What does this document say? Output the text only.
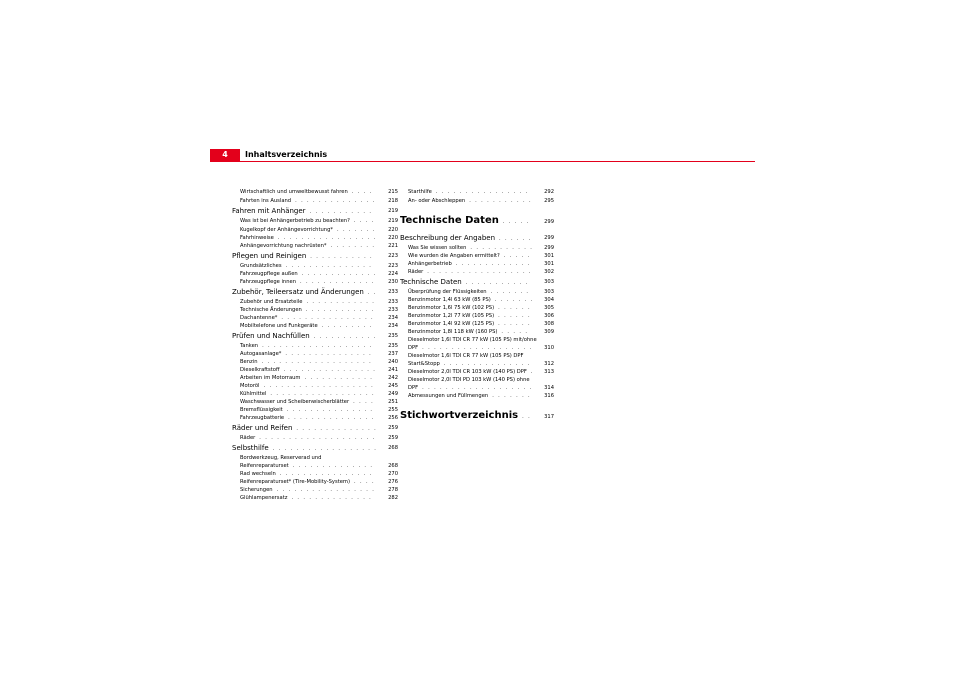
4	Inhaltsverzeichnis
Wirtschaftlich und umweltbewusst fahren . . . .	215
Fahrten ins Ausland . . . . . . . . . . . . . .	218
Fahren mit Anhänger . . . . . . . . . . .	219
Was ist bei Anhängerbetrieb zu beachten? . . . .	219
Kugelkopf der Anhängevorrichtung* . . . . . . .	220
Fahrhinweise . . . . . . . . . . . . . . . . .	220
Anhängevorrichtung nachrüsten* . . . . . . . .	221
Pflegen und Reinigen . . . . . . . . . . .	223
Grundsätzliches . . . . . . . . . . . . . . .	223
Fahrzeugpflege außen . . . . . . . . . . . . .	224
Fahrzeugpflege innen . . . . . . . . . . . . .	230
Zubehör, Teileersatz und Änderungen . .	233
Zubehör und Ersatzteile . . . . . . . . . . . .	233
Technische Änderungen . . . . . . . . . . . .	233
Dachantenne* . . . . . . . . . . . . . . . .	234
Mobiltelefone und Funkgeräte . . . . . . . . .	234
Prüfen und Nachfüllen . . . . . . . . . . .	235
Tanken . . . . . . . . . . . . . . . . . . .	235
Autogasanlage* . . . . . . . . . . . . . . .	237
Benzin . . . . . . . . . . . . . . . . . . .	240
Dieselkraftstoff . . . . . . . . . . . . . . . .	241
Arbeiten im Motorraum . . . . . . . . . . . .	242
Motoröl . . . . . . . . . . . . . . . . . . .	245
Kühlmittel . . . . . . . . . . . . . . . . . .	249
Waschwasser und Scheibenwischerblätter . . . .	251
Bremsflüssigkeit . . . . . . . . . . . . . . .	255
Fahrzeugbatterie . . . . . . . . . . . . . . .	256
Räder und Reifen . . . . . . . . . . . . . .	259
Räder . . . . . . . . . . . . . . . . . . . .	259
Selbsthilfe . . . . . . . . . . . . . . . . . .	268
Bordwerkzeug, Reserverad und
Reifenreparaturset . . . . . . . . . . . . . .	268
Rad wechseln . . . . . . . . . . . . . . . .	270
Reifenreparaturset* (Tire-Mobility-System) . . . .	276
Sicherungen . . . . . . . . . . . . . . . . .	278
Glühlampenersatz . . . . . . . . . . . . . .	282
Starthilfe . . . . . . . . . . . . . . . .	292
An- oder Abschleppen . . . . . . . . . . .	295
Technische Daten . . . . .	299
Beschreibung der Angaben . . . . . .	299
Was Sie wissen sollten . . . . . . . . . . .	299
Wie wurden die Angaben ermittelt? . . . . .	301
Anhängerbetrieb . . . . . . . . . . . . .	301
Räder . . . . . . . . . . . . . . . . . .	302
Technische Daten . . . . . . . . . . .	303
Überprüfung der Flüssigkeiten . . . . . . .	303
Benzinmotor 1,4l 63 kW (85 PS) . . . . . . .	304
Benzinmotor 1,6l 75 kW (102 PS) . . . . . .	305
Benzinmotor 1,2l 77 kW (105 PS) . . . . . .	306
Benzinmotor 1,4l 92 kW (125 PS) . . . . . .	308
Benzinmotor 1,8l 118 kW (160 PS) . . . . .	309
Dieselmotor 1,6l TDI CR 77 kW (105 PS) mit/ohne
DPF . . . . . . . . . . . . . . . . . . .	310
Dieselmotor 1,6l TDI CR 77 kW (105 PS) DPF
Start&Stopp . . . . . . . . . . . . . . .	312
Dieselmotor 2,0l TDI CR 103 kW (140 PS) DPF .	313
Dieselmotor 2,0l TDI PD 103 kW (140 PS) ohne
DPF . . . . . . . . . . . . . . . . . . .	314
Abmessungen und Füllmengen . . . . . . .	316
Stichwortverzeichnis . .	317
